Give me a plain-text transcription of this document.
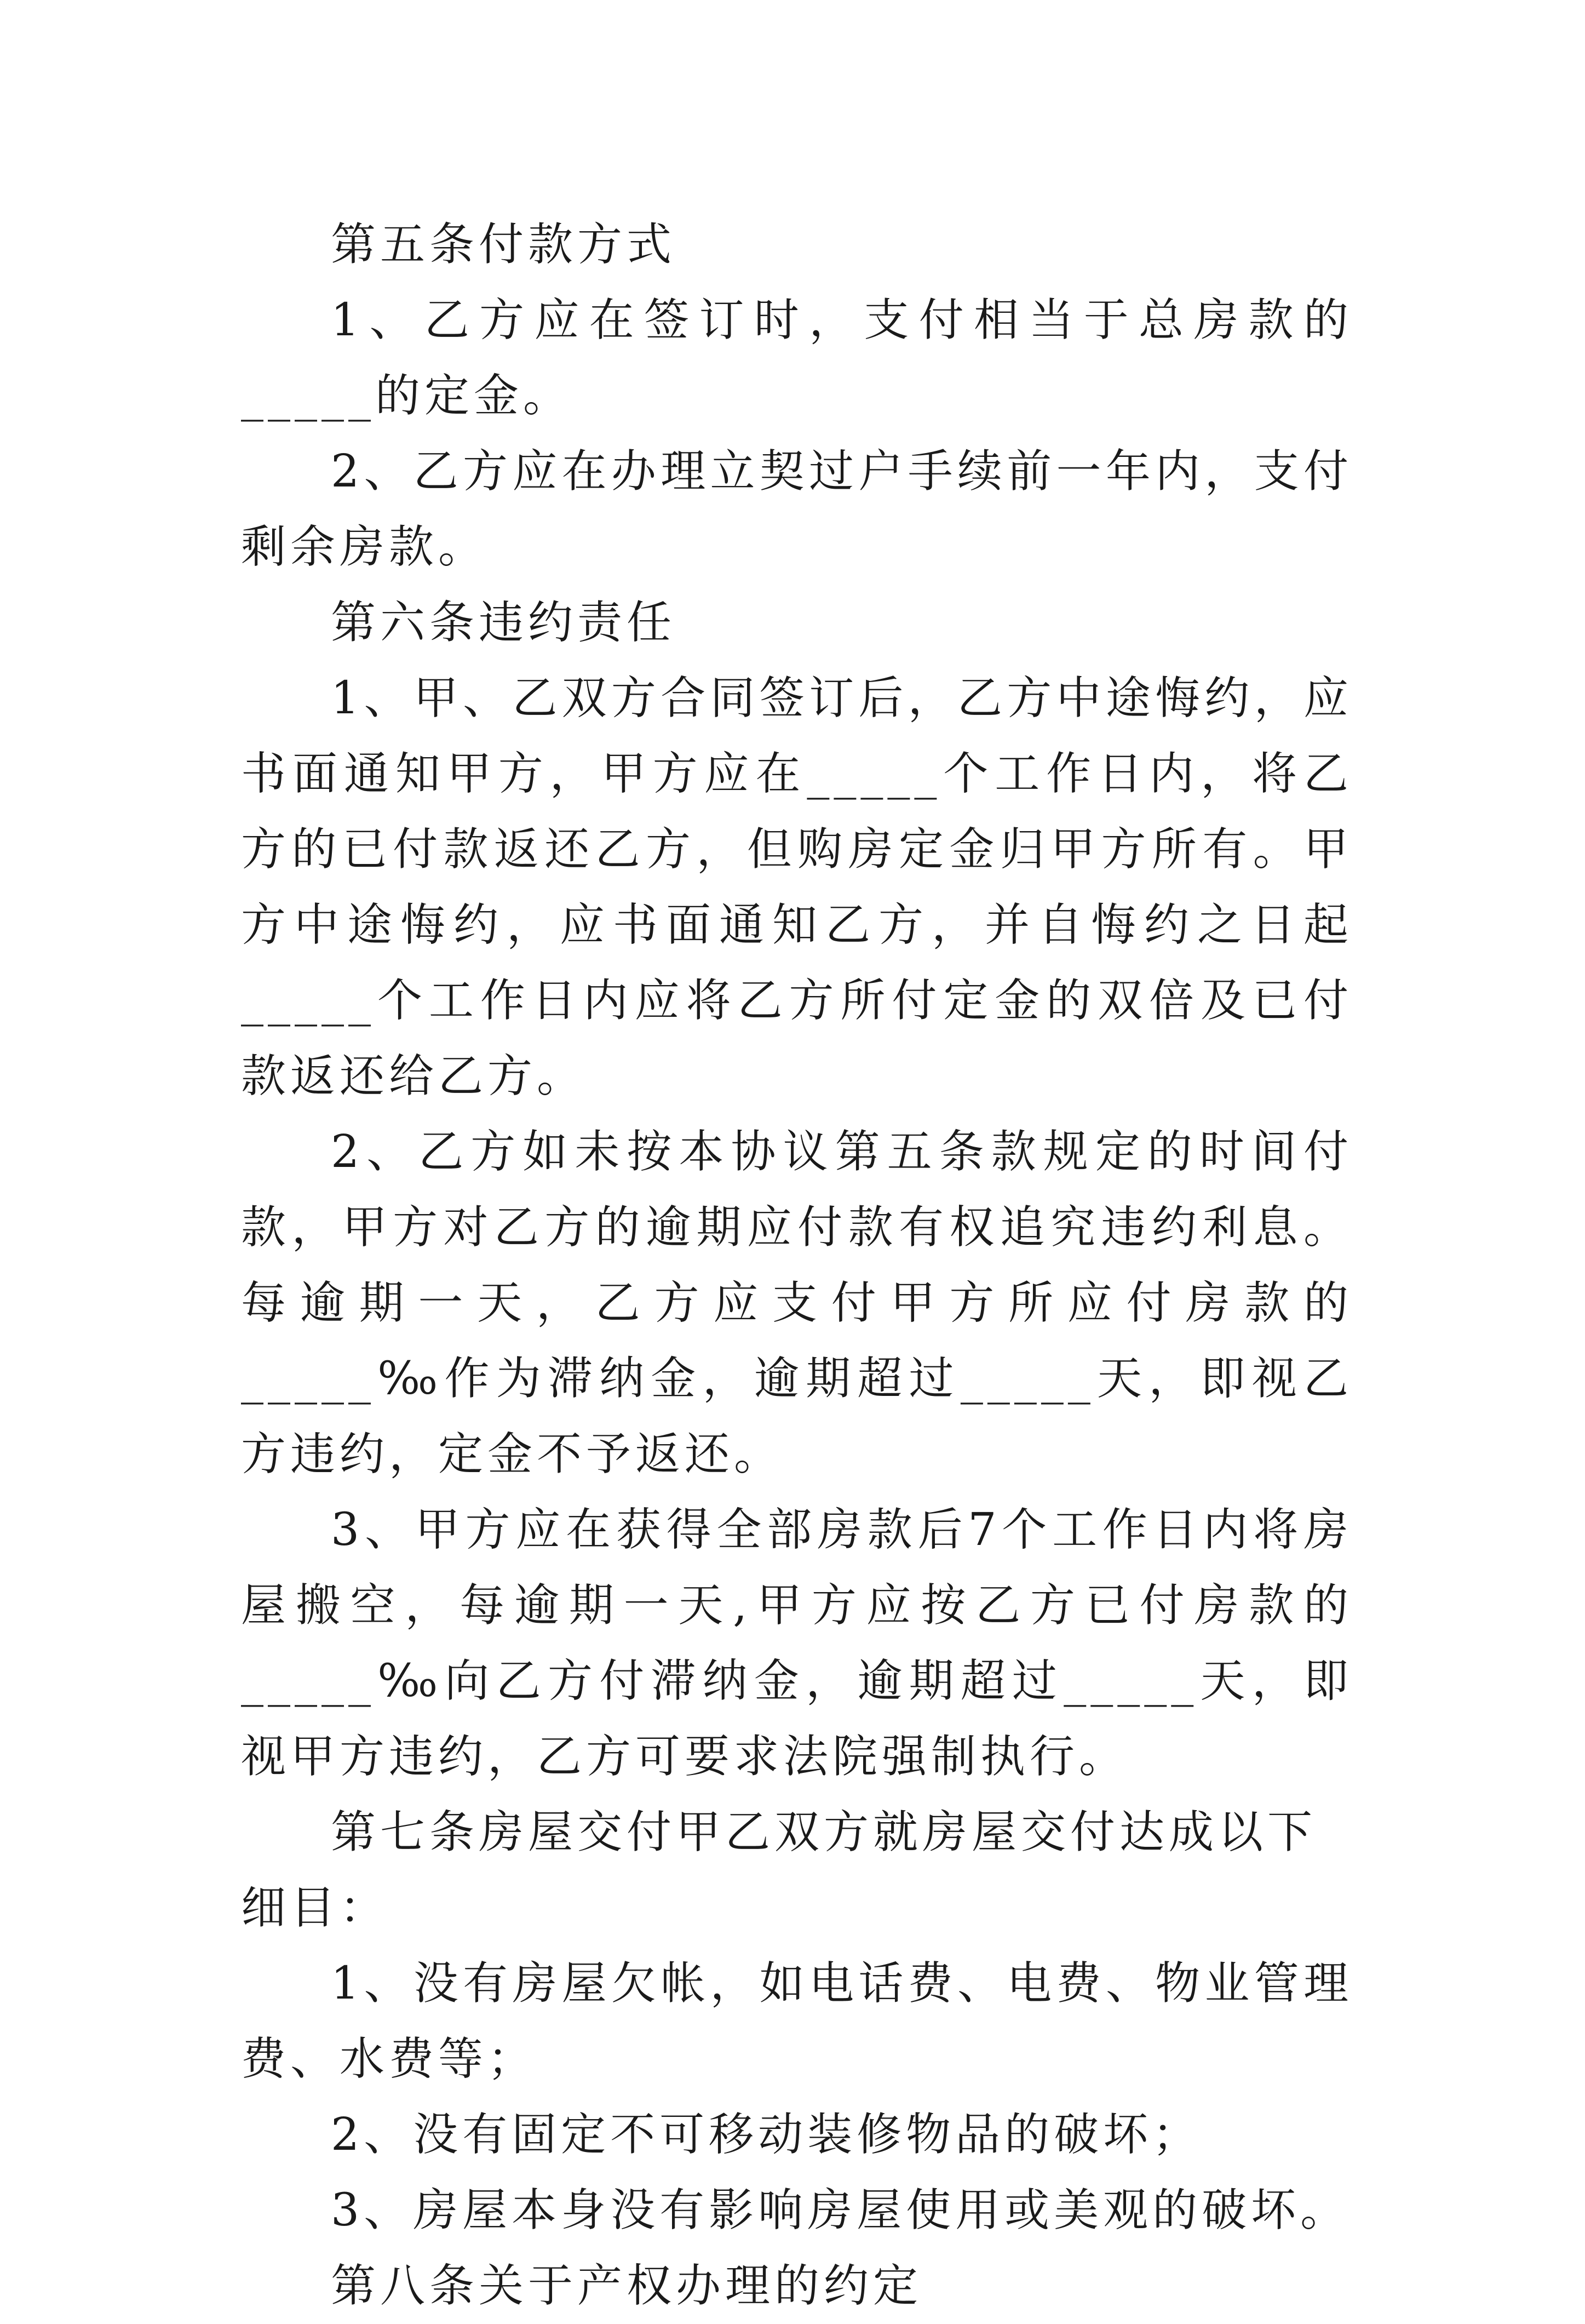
第五条付款方式

1、乙方应在签订时，支付相当于总房款的_____的定金。

2、乙方应在办理立契过户手续前一年内，支付剩余房款。

第六条违约责任

1、甲、乙双方合同签订后，乙方中途悔约，应书面通知甲方，甲方应在_____个工作日内，将乙方的已付款返还乙方，但购房定金归甲方所有。甲方中途悔约，应书面通知乙方，并自悔约之日起_____个工作日内应将乙方所付定金的双倍及已付款返还给乙方。

2、乙方如未按本协议第五条款规定的时间付款，甲方对乙方的逾期应付款有权追究违约利息。每逾期一天，乙方应支付甲方所应付房款的_____‰作为滞纳金，逾期超过_____天，即视乙方违约，定金不予返还。

3、甲方应在获得全部房款后7个工作日内将房屋搬空，每逾期一天,甲方应按乙方已付房款的_____‰向乙方付滞纳金，逾期超过_____天，即视甲方违约，乙方可要求法院强制执行。

第七条房屋交付甲乙双方就房屋交付达成以下细目：

1、没有房屋欠帐，如电话费、电费、物业管理费、水费等；

2、没有固定不可移动装修物品的破坏；

3、房屋本身没有影响房屋使用或美观的破坏。

第八条关于产权办理的约定
